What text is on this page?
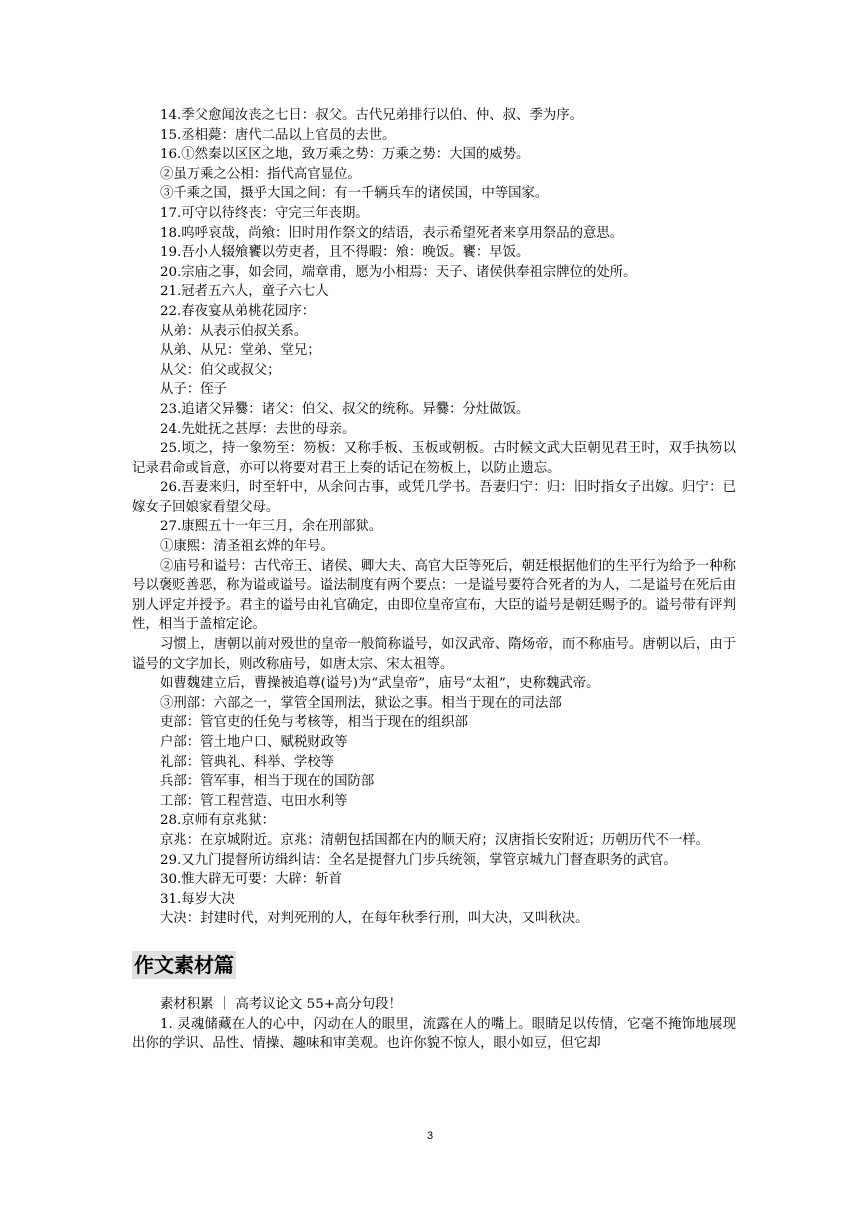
14.季父愈闻汝丧之七日：叔父。古代兄弟排行以伯、仲、叔、季为序。
15.丞相薨：唐代二品以上官员的去世。
16.①然秦以区区之地，致万乘之势：万乘之势：大国的威势。
②虽万乘之公相：指代高官显位。
③千乘之国，摄乎大国之间：有一千辆兵车的诸侯国，中等国家。
17.可守以待终丧：守完三年丧期。
18.呜呼哀哉，尚飨：旧时用作祭文的结语，表示希望死者来享用祭品的意思。
19.吾小人辍飧饔以劳吏者，且不得暇：飧：晚饭。饔：早饭。
20.宗庙之事，如会同，端章甫，愿为小相焉：天子、诸侯供奉祖宗牌位的处所。
21.冠者五六人，童子六七人
22.春夜宴从弟桃花园序：
从弟：从表示伯叔关系。
从弟、从兄：堂弟、堂兄；
从父：伯父或叔父；
从子：侄子
23.追诸父异爨：诸父：伯父、叔父的统称。异爨：分灶做饭。
24.先妣抚之甚厚：去世的母亲。
25.顷之，持一象笏至：笏板：又称手板、玉板或朝板。古时候文武大臣朝见君王时，双手执笏以记录君命或旨意，亦可以将要对君王上奏的话记在笏板上，以防止遗忘。
26.吾妻来归，时至轩中，从余问古事，或凭几学书。吾妻归宁：归：旧时指女子出嫁。归宁：已嫁女子回娘家看望父母。
27.康熙五十一年三月，余在刑部狱。
①康熙：清圣祖玄烨的年号。
②庙号和谥号：古代帝王、诸侯、卿大夫、高官大臣等死后，朝廷根据他们的生平行为给予一种称号以褒贬善恶，称为谥或谥号。谥法制度有两个要点：一是谥号要符合死者的为人，二是谥号在死后由别人评定并授予。君主的谥号由礼官确定，由即位皇帝宣布，大臣的谥号是朝廷赐予的。谥号带有评判性，相当于盖棺定论。
习惯上，唐朝以前对殁世的皇帝一般简称谥号，如汉武帝、隋炀帝，而不称庙号。唐朝以后，由于谥号的文字加长，则改称庙号，如唐太宗、宋太祖等。
如曹魏建立后，曹操被追尊(谥号)为“武皇帝”，庙号“太祖”，史称魏武帝。
③刑部：六部之一，掌管全国刑法，狱讼之事。相当于现在的司法部
吏部：管官吏的任免与考核等，相当于现在的组织部
户部：管土地户口、赋税财政等
礼部：管典礼、科举、学校等
兵部：管军事，相当于现在的国防部
工部：管工程营造、屯田水利等
28.京师有京兆狱：
京兆：在京城附近。京兆：清朝包括国都在内的顺天府；汉唐指长安附近；历朝历代不一样。
29.又九门提督所访缉纠诘：全名是提督九门步兵统领，掌管京城九门督查职务的武官。
30.惟大辟无可要：大辟：斩首
31.每岁大决
大决：封建时代，对判死刑的人，在每年秋季行刑，叫大决，又叫秋决。
作文素材篇
素材积累 ｜ 高考议论文 55+高分句段！
1. 灵魂储藏在人的心中，闪动在人的眼里，流露在人的嘴上。眼睛足以传情，它毫不掩饰地展现出你的学识、品性、情操、趣味和审美观。也许你貌不惊人，眼小如豆，但它却
3
